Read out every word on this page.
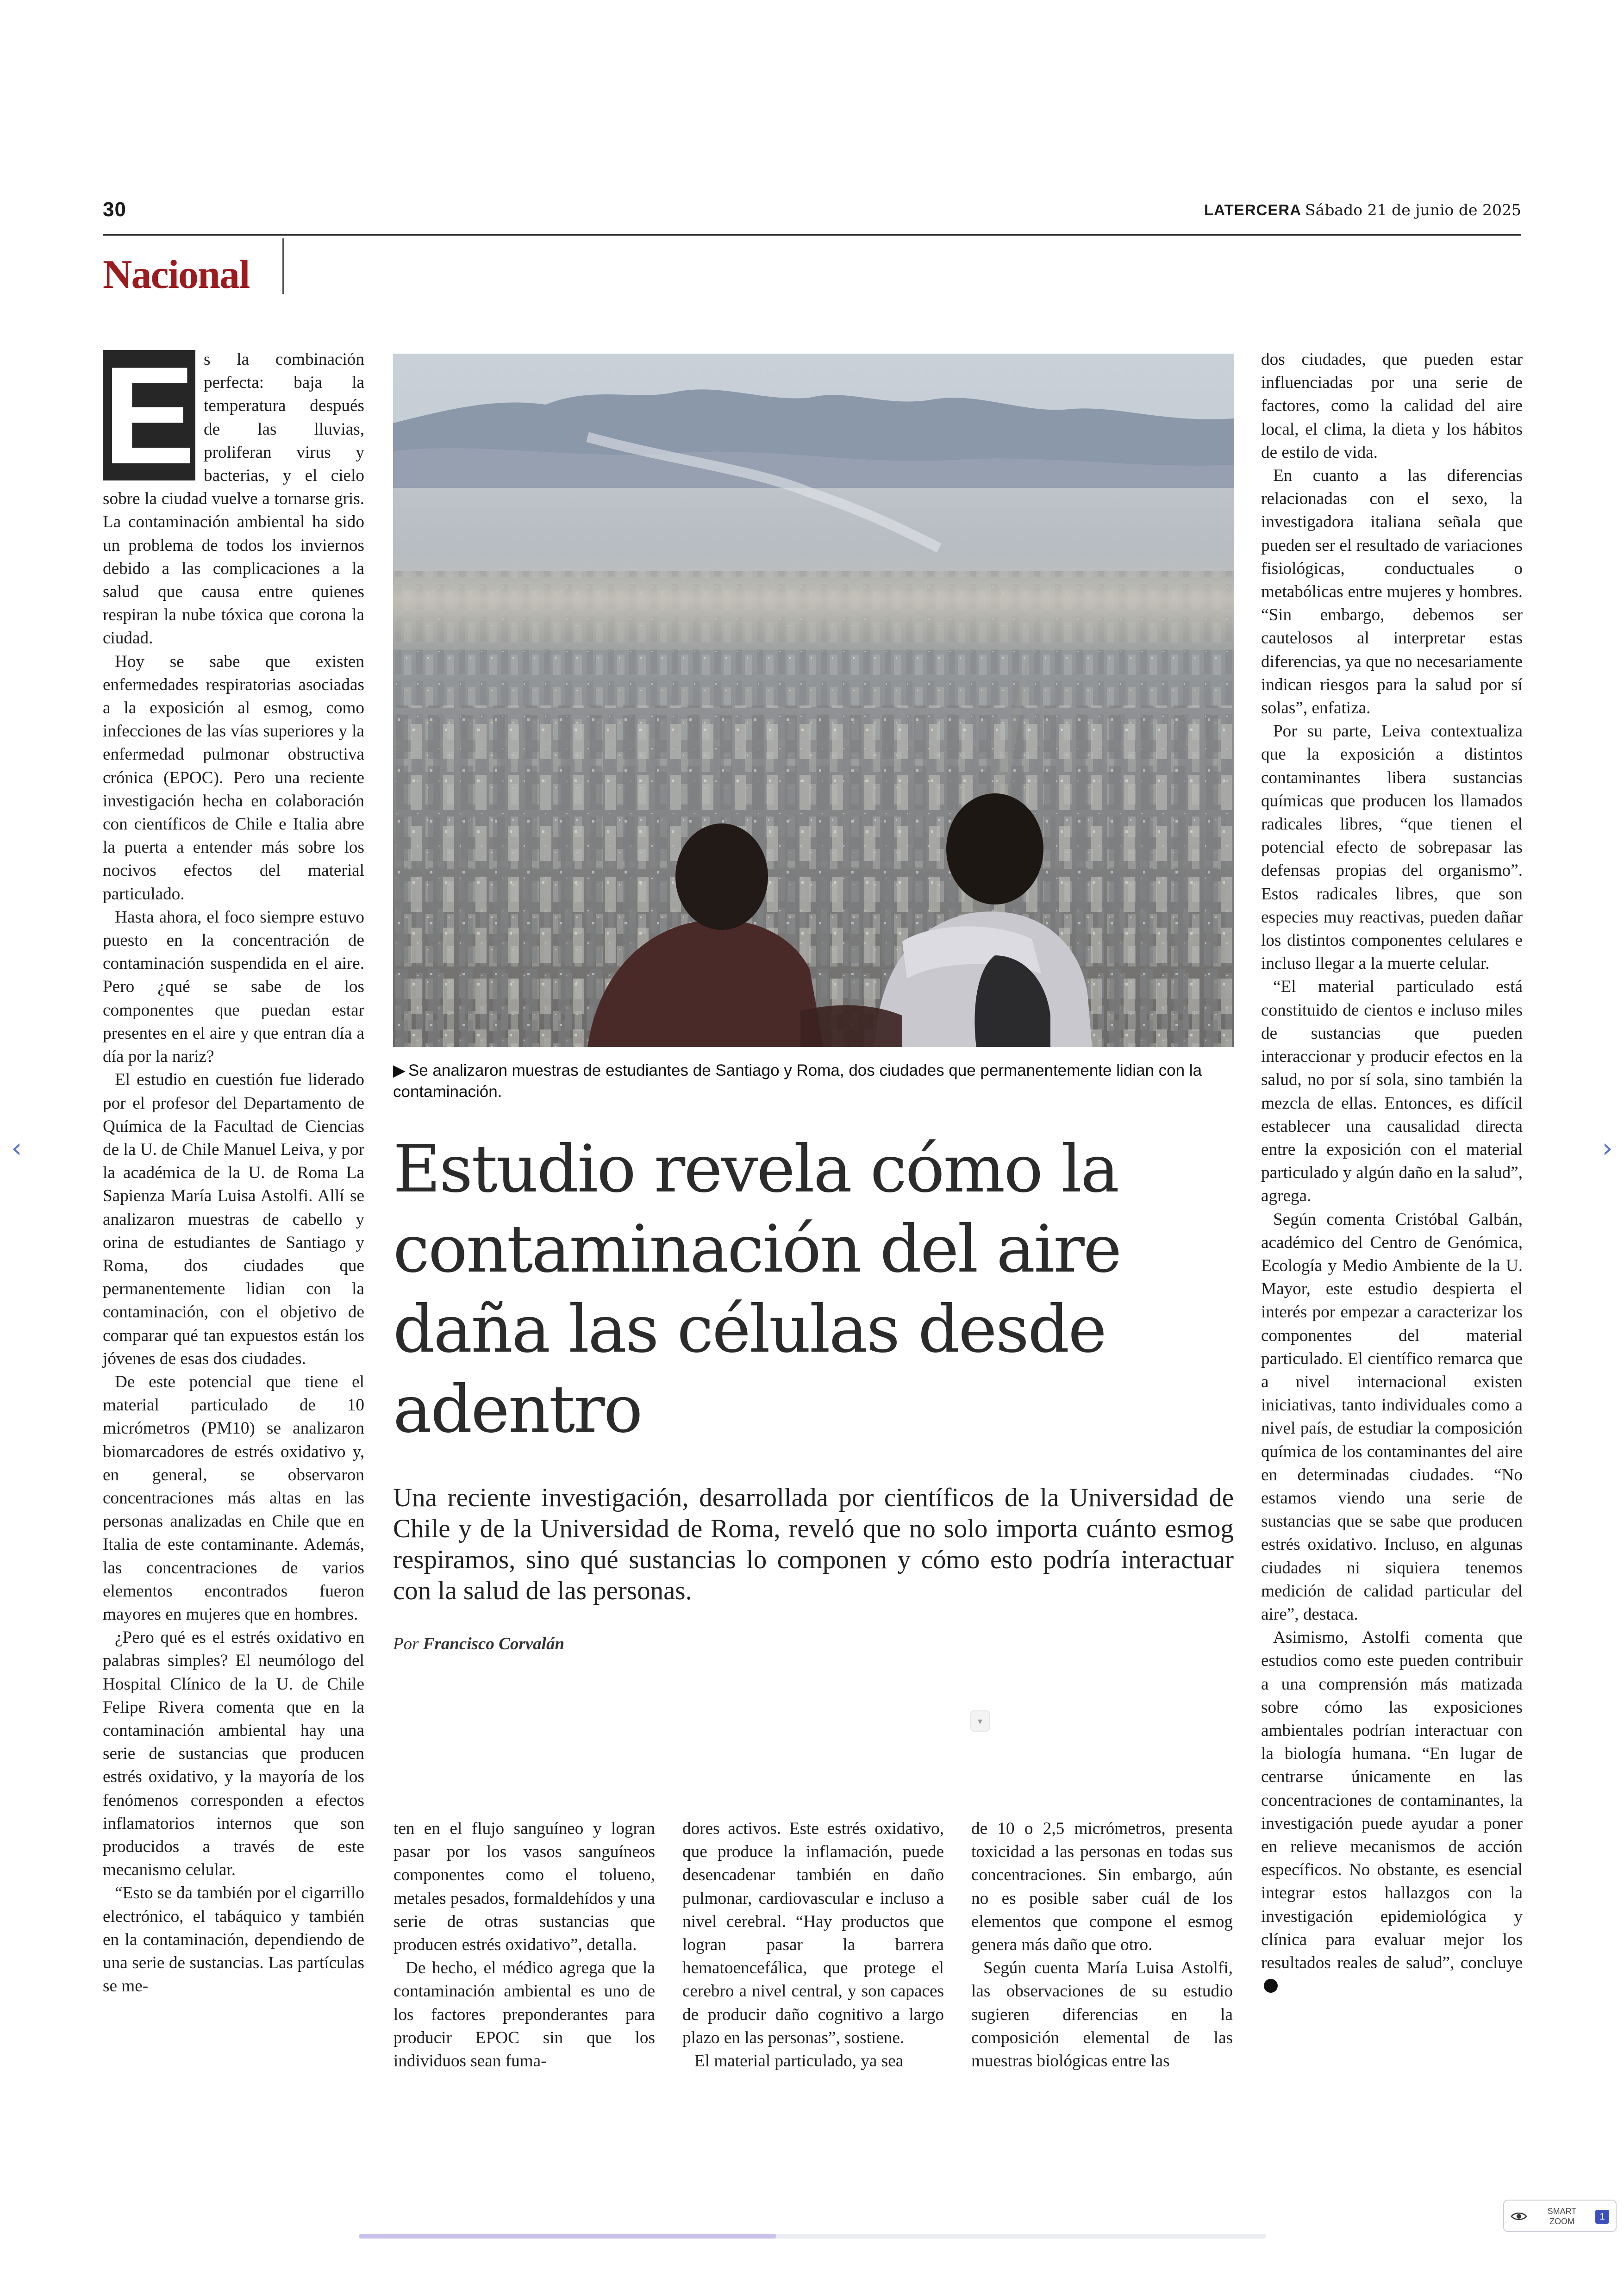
30	LATERCERA Sábado 21 de junio de 2025
Nacional

E s la combinación perfecta: baja la temperatura después de las lluvias, proliferan virus y bacterias, y el cielo sobre la ciudad vuelve a tornarse gris. La contaminación ambiental ha sido un problema de todos los inviernos debido a las complicaciones a la salud que causa entre quienes respiran la nube tóxica que corona la ciudad.

Hoy se sabe que existen enfermedades respiratorias asociadas a la exposición al esmog, como infecciones de las vías superiores y la enfermedad pulmonar obstructiva crónica (EPOC). Pero una reciente investigación hecha en colaboración con científicos de Chile e Italia abre la puerta a entender más sobre los nocivos efectos del material particulado.

Hasta ahora, el foco siempre estuvo puesto en la concentración de contaminación suspendida en el aire. Pero ¿qué se sabe de los componentes que puedan estar presentes en el aire y que entran día a día por la nariz?

El estudio en cuestión fue liderado por el profesor del Departamento de Química de la Facultad de Ciencias de la U. de Chile Manuel Leiva, y por la académica de la U. de Roma La Sapienza María Luisa Astolfi. Allí se analizaron muestras de cabello y orina de estudiantes de Santiago y Roma, dos ciudades que permanentemente lidian con la contaminación, con el objetivo de comparar qué tan expuestos están los jóvenes de esas dos ciudades.

De este potencial que tiene el material particulado de 10 micrómetros (PM10) se analizaron biomarcadores de estrés oxidativo y, en general, se observaron concentraciones más altas en las personas analizadas en Chile que en Italia de este contaminante. Además, las concentraciones de varios elementos encontrados fueron mayores en mujeres que en hombres.

¿Pero qué es el estrés oxidativo en palabras simples? El neumólogo del Hospital Clínico de la U. de Chile Felipe Rivera comenta que en la contaminación ambiental hay una serie de sustancias que producen estrés oxidativo, y la mayoría de los fenómenos corresponden a efectos inflamatorios internos que son producidos a través de este mecanismo celular.

“Esto se da también por el cigarrillo electrónico, el tabáquico y también en la contaminación, dependiendo de una serie de sustancias. Las partículas se me-

▶ Se analizaron muestras de estudiantes de Santiago y Roma, dos ciudades que permanentemente lidian con la contaminación.
Estudio revela cómo la contaminación del aire daña las células desde adentro

Una reciente investigación, desarrollada por científicos de la Universidad de Chile y de la Universidad de Roma, reveló que no solo importa cuánto esmog respiramos, sino qué sustancias lo componen y cómo esto podría interactuar con la salud de las personas.

Por Francisco Corvalán
▾

ten en el flujo sanguíneo y logran pasar por los vasos sanguíneos componentes como el tolueno, metales pesados, formaldehídos y una serie de otras sustancias que producen estrés oxidativo”, detalla.

De hecho, el médico agrega que la contaminación ambiental es uno de los factores preponderantes para producir EPOC sin que los individuos sean fuma-

dores activos. Este estrés oxidativo, que produce la inflamación, puede desencadenar también en daño pulmonar, cardiovascular e incluso a nivel cerebral. “Hay productos que logran pasar la barrera hematoencefálica, que protege el cerebro a nivel central, y son capaces de producir daño cognitivo a largo plazo en las personas”, sostiene.

El material particulado, ya sea

de 10 o 2,5 micrómetros, presenta toxicidad a las personas en todas sus concentraciones. Sin embargo, aún no es posible saber cuál de los elementos que compone el esmog genera más daño que otro.

Según cuenta María Luisa Astolfi, las observaciones de su estudio sugieren diferencias en la composición elemental de las muestras biológicas entre las

dos ciudades, que pueden estar influenciadas por una serie de factores, como la calidad del aire local, el clima, la dieta y los hábitos de estilo de vida.

En cuanto a las diferencias relacionadas con el sexo, la investigadora italiana señala que pueden ser el resultado de variaciones fisiológicas, conductuales o metabólicas entre mujeres y hombres. “Sin embargo, debemos ser cautelosos al interpretar estas diferencias, ya que no necesariamente indican riesgos para la salud por sí solas”, enfatiza.

Por su parte, Leiva contextualiza que la exposición a distintos contaminantes libera sustancias químicas que producen los llamados radicales libres, “que tienen el potencial efecto de sobrepasar las defensas propias del organismo”. Estos radicales libres, que son especies muy reactivas, pueden dañar los distintos componentes celulares e incluso llegar a la muerte celular.

“El material particulado está constituido de cientos e incluso miles de sustancias que pueden interaccionar y producir efectos en la salud, no por sí sola, sino también la mezcla de ellas. Entonces, es difícil establecer una causalidad directa entre la exposición con el material particulado y algún daño en la salud”, agrega.

Según comenta Cristóbal Galbán, académico del Centro de Genómica, Ecología y Medio Ambiente de la U. Mayor, este estudio despierta el interés por empezar a caracterizar los componentes del material particulado. El científico remarca que a nivel internacional existen iniciativas, tanto individuales como a nivel país, de estudiar la composición química de los contaminantes del aire en determinadas ciudades. “No estamos viendo una serie de sustancias que se sabe que producen estrés oxidativo. Incluso, en algunas ciudades ni siquiera tenemos medición de calidad particular del aire”, destaca.

Asimismo, Astolfi comenta que estudios como este pueden contribuir a una comprensión más matizada sobre cómo las exposiciones ambientales podrían interactuar con la biología humana. “En lugar de centrarse únicamente en las concentraciones de contaminantes, la investigación puede ayudar a poner en relieve mecanismos de acción específicos. No obstante, es esencial integrar estos hallazgos con la investigación epidemiológica y clínica para evaluar mejor los resultados reales de salud”, concluye

‹	›
SMART ZOOM	1
